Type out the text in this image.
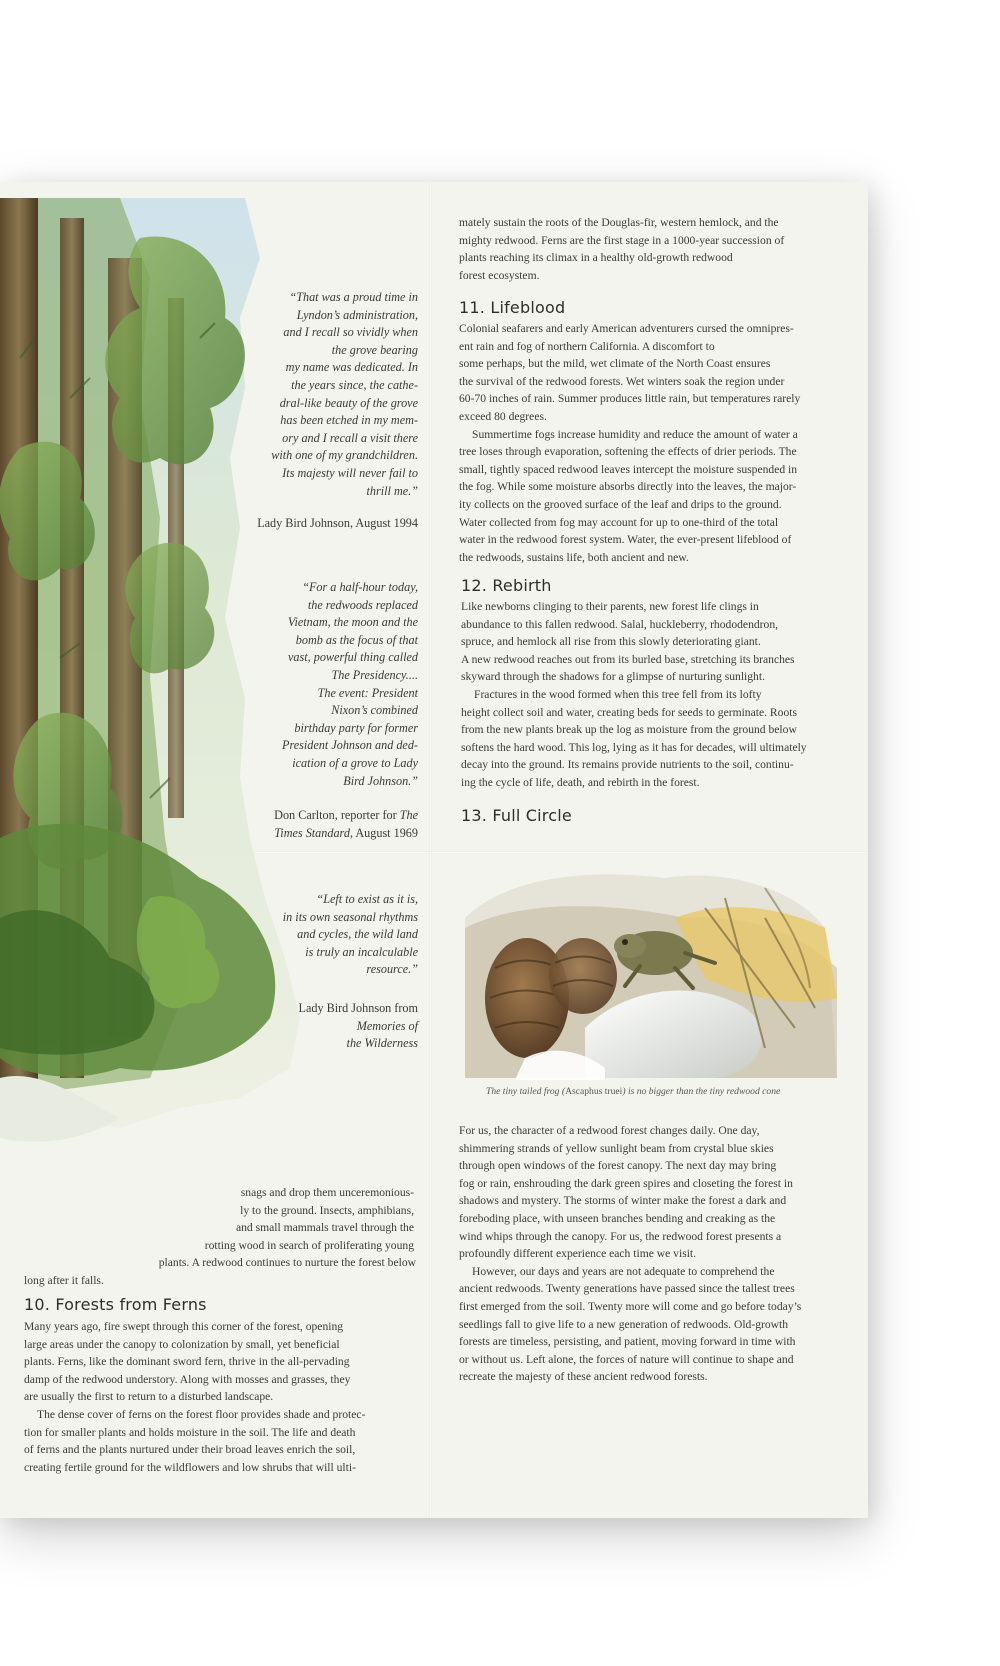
“That was a proud time in
Lyndon’s administration,
and I recall so vividly when
the grove bearing
my name was dedicated. In
the years since, the cathe-
dral-like beauty of the grove
has been etched in my mem-
ory and I recall a visit there
with one of my grandchildren.
Its majesty will never fail to
thrill me.”
Lady Bird Johnson, August 1994
“For a half-hour today,
the redwoods replaced
Vietnam, the moon and the
bomb as the focus of that
vast, powerful thing called
The Presidency....
The event: President
Nixon’s combined
birthday party for former
President Johnson and ded-
ication of a grove to Lady
Bird Johnson.”
Don Carlton, reporter for The
Times Standard, August 1969
“Left to exist as it is,
in its own seasonal rhythms
and cycles, the wild land
is truly an incalculable
resource.”
Lady Bird Johnson from
Memories of
the Wilderness
snags and drop them unceremonious-
ly to the ground. Insects, amphibians,
and small mammals travel through the
rotting wood in search of proliferating young
plants. A redwood continues to nurture the forest below
long after it falls.
10. Forests from Ferns
Many years ago, fire swept through this corner of the forest, opening
large areas under the canopy to colonization by small, yet beneficial
plants. Ferns, like the dominant sword fern, thrive in the all-pervading
damp of the redwood understory. Along with mosses and grasses, they
are usually the first to return to a disturbed landscape.
The dense cover of ferns on the forest floor provides shade and protec-
tion for smaller plants and holds moisture in the soil. The life and death
of ferns and the plants nurtured under their broad leaves enrich the soil,
creating fertile ground for the wildflowers and low shrubs that will ulti-
mately sustain the roots of the Douglas-fir, western hemlock, and the
mighty redwood. Ferns are the first stage in a 1000-year succession of
plants reaching its climax in a healthy old-growth redwood
forest ecosystem.
11. Lifeblood
Colonial seafarers and early American adventurers cursed the omnipres-
ent rain and fog of northern California. A discomfort to
some perhaps, but the mild, wet climate of the North Coast ensures
the survival of the redwood forests. Wet winters soak the region under
60-70 inches of rain. Summer produces little rain, but temperatures rarely
exceed 80 degrees.
Summertime fogs increase humidity and reduce the amount of water a
tree loses through evaporation, softening the effects of drier periods. The
small, tightly spaced redwood leaves intercept the moisture suspended in
the fog. While some moisture absorbs directly into the leaves, the major-
ity collects on the grooved surface of the leaf and drips to the ground.
Water collected from fog may account for up to one-third of the total
water in the redwood forest system. Water, the ever-present lifeblood of
the redwoods, sustains life, both ancient and new.
12. Rebirth
Like newborns clinging to their parents, new forest life clings in
abundance to this fallen redwood. Salal, huckleberry, rhododendron,
spruce, and hemlock all rise from this slowly deteriorating giant.
A new redwood reaches out from its burled base, stretching its branches
skyward through the shadows for a glimpse of nurturing sunlight.
Fractures in the wood formed when this tree fell from its lofty
height collect soil and water, creating beds for seeds to germinate. Roots
from the new plants break up the log as moisture from the ground below
softens the hard wood. This log, lying as it has for decades, will ultimately
decay into the ground. Its remains provide nutrients to the soil, continu-
ing the cycle of life, death, and rebirth in the forest.
13. Full Circle
The tiny tailed frog (Ascaphus truei) is no bigger than the tiny redwood cone
For us, the character of a redwood forest changes daily. One day,
shimmering strands of yellow sunlight beam from crystal blue skies
through open windows of the forest canopy. The next day may bring
fog or rain, enshrouding the dark green spires and closeting the forest in
shadows and mystery. The storms of winter make the forest a dark and
foreboding place, with unseen branches bending and creaking as the
wind whips through the canopy. For us, the redwood forest presents a
profoundly different experience each time we visit.
However, our days and years are not adequate to comprehend the
ancient redwoods. Twenty generations have passed since the tallest trees
first emerged from the soil. Twenty more will come and go before today’s
seedlings fall to give life to a new generation of redwoods. Old-growth
forests are timeless, persisting, and patient, moving forward in time with
or without us. Left alone, the forces of nature will continue to shape and
recreate the majesty of these ancient redwood forests.
